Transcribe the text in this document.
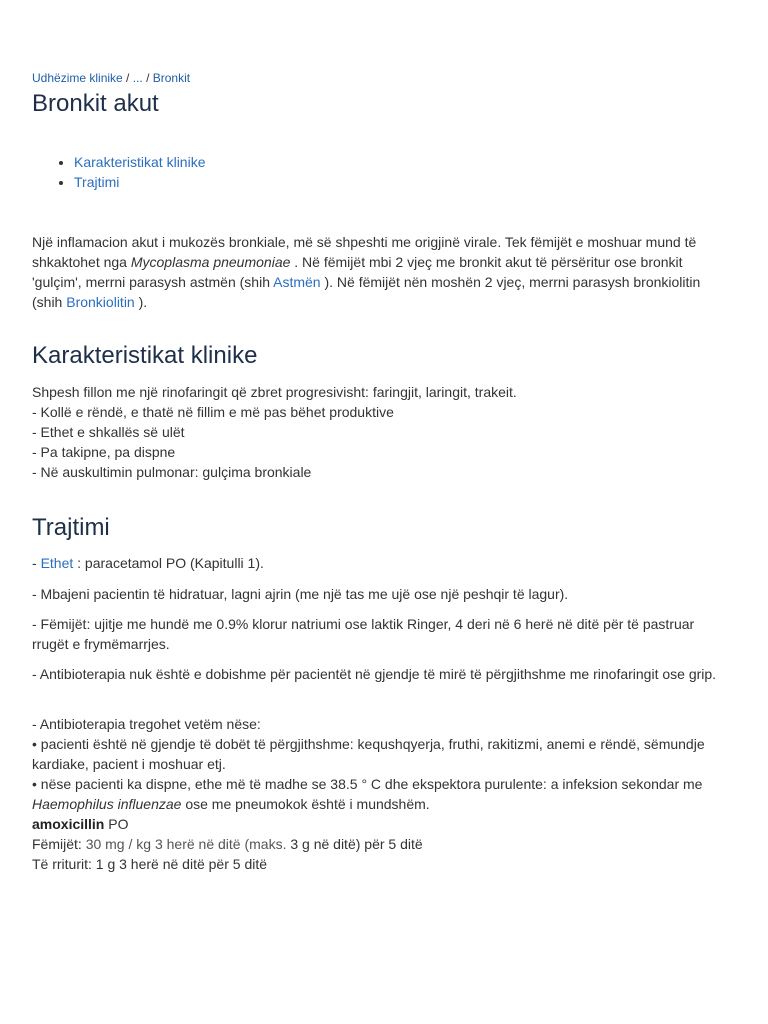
Udhëzime klinike / ... / Bronkit
Bronkit akut
• Karakteristikat klinike
• Trajtimi

Një inflamacion akut i mukozës bronkiale, më së shpeshti me origjinë virale. Tek fëmijët e moshuar mund të shkaktohet nga Mycoplasma pneumoniae . Në fëmijët mbi 2 vjeç me bronkit akut të përsëritur ose bronkit 'gulçim', merrni parasysh astmën (shih Astmën ). Në fëmijët nën moshën 2 vjeç, merrni parasysh bronkiolitin (shih Bronkiolitin ).

Karakteristikat klinike
Shpesh fillon me një rinofaringit që zbret progresivisht: faringjit, laringit, trakeit.
- Kollë e rëndë, e thatë në fillim e më pas bëhet produktive
- Ethet e shkallës së ulët
- Pa takipne, pa dispne
- Në auskultimin pulmonar: gulçima bronkiale
Trajtimi

- Ethet : paracetamol PO (Kapitulli 1).

- Mbajeni pacientin të hidratuar, lagni ajrin (me një tas me ujë ose një peshqir të lagur).

- Fëmijët: ujitje me hundë me 0.9% klorur natriumi ose laktik Ringer, 4 deri në 6 herë në ditë për të pastruar rrugët e frymëmarrjes.

- Antibioterapia nuk është e dobishme për pacientët në gjendje të mirë të përgjithshme me rinofaringit ose grip.

- Antibioterapia tregohet vetëm nëse:
• pacienti është në gjendje të dobët të përgjithshme: kequshqyerja, fruthi, rakitizmi, anemi e rëndë, sëmundje kardiake, pacient i moshuar etj.
• nëse pacienti ka dispne, ethe më të madhe se 38.5 ° C dhe ekspektora purulente: a infeksion sekondar me Haemophilus influenzae ose me pneumokok është i mundshëm.
amoxicillin PO
Fëmijët: 30 mg / kg 3 herë në ditë (maks. 3 g në ditë) për 5 ditë
Të rriturit: 1 g 3 herë në ditë për 5 ditë
